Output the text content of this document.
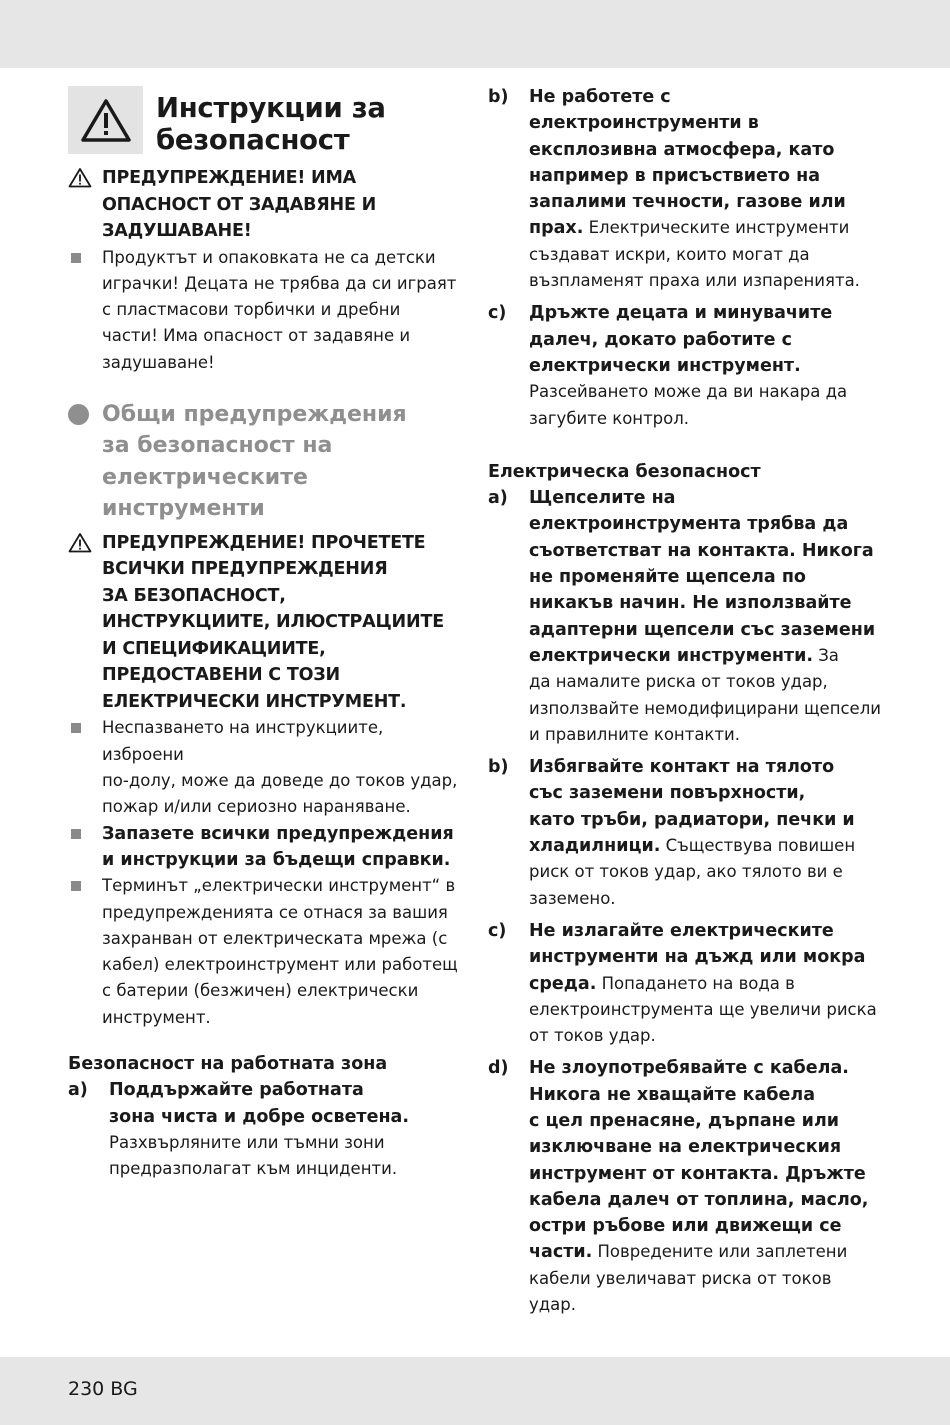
Инструкции за
безопасност
ПРЕДУПРЕЖДЕНИЕ! ИМА
ОПАСНОСТ ОТ ЗАДАВЯНЕ И
ЗАДУШАВАНЕ!
Продуктът и опаковката не са детски
играчки! Децата не трябва да си играят
с пластмасови торбички и дребни
части! Има опасност от задавяне и
задушаване!
Общи предупреждения
за безопасност на
електрическите
инструменти
ПРЕДУПРЕЖДЕНИЕ! ПРОЧЕТЕТЕ
ВСИЧКИ ПРЕДУПРЕЖДЕНИЯ
ЗА БЕЗОПАСНОСТ,
ИНСТРУКЦИИТЕ, ИЛЮСТРАЦИИТЕ
И СПЕЦИФИКАЦИИТЕ,
ПРЕДОСТАВЕНИ С ТОЗИ
ЕЛЕКТРИЧЕСКИ ИНСТРУМЕНТ.
Неспазването на инструкциите, изброени
по-долу, може да доведе до токов удар,
пожар и/или сериозно нараняване.
Запазете всички предупреждения
и инструкции за бъдещи справки.
Терминът „електрически инструмент“ в
предупрежденията се отнася за вашия
захранван от електрическата мрежа (с
кабел) електроинструмент или работещ
с батерии (безжичен) електрически
инструмент.
Безопасност на работната зона
a)	Поддържайте работната
зона чиста и добре осветена.
Разхвърляните или тъмни зони
предразполагат към инциденти.
b)	Не работете с
електроинструменти в
експлозивна атмосфера, като
например в присъствието на
запалими течности, газове или
прах. Електрическите инструменти
създават искри, които могат да
възпламенят праха или изпаренията.
c)	Дръжте децата и минувачите
далеч, докато работите с
електрически инструмент.
Разсейването може да ви накара да
загубите контрол.
Електрическа безопасност
a)	Щепселите на
електроинструмента трябва да
съответстват на контакта. Никога
не променяйте щепсела по
никакъв начин. Не използвайте
адаптерни щепсели със заземени
електрически инструменти. За
да намалите риска от токов удар,
използвайте немодифицирани щепсели
и правилните контакти.
b)	Избягвайте контакт на тялото
със заземени повърхности,
като тръби, радиатори, печки и
хладилници. Съществува повишен
риск от токов удар, ако тялото ви е
заземено.
c)	Не излагайте електрическите
инструменти на дъжд или мокра
среда. Попадането на вода в
електроинструмента ще увеличи риска
от токов удар.
d)	Не злоупотребявайте с кабела.
Никога не хващайте кабела
с цел пренасяне, дърпане или
изключване на електрическия
инструмент от контакта. Дръжте
кабела далеч от топлина, масло,
остри ръбове или движещи се
части. Повредените или заплетени
кабели увеличават риска от токов удар.
230 BG
